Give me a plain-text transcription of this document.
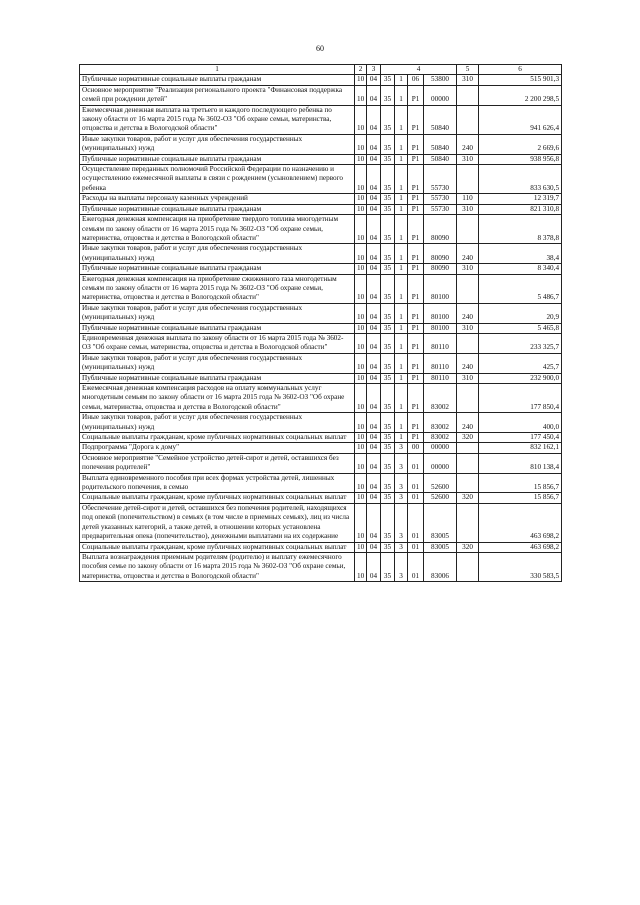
60
1	2	3	4				5	6
Публичные нормативные социальные выплаты гражданам	10	04	35	1	06	53800	310	515 901,3
Основное мероприятие "Реализация регионального проекта "Финансовая поддержка семей при рождении детей"	10	04	35	1	P1	00000		2 200 298,5
Ежемесячная денежная выплата на третьего и каждого последующего ребенка по закону области от 16 марта 2015 года № 3602-ОЗ "Об охране семьи, материнства, отцовства и детства в Вологодской области"	10	04	35	1	P1	50840		941 626,4
Иные закупки товаров, работ и услуг для обеспечения государственных (муниципальных) нужд	10	04	35	1	P1	50840	240	2 669,6
Публичные нормативные социальные выплаты гражданам	10	04	35	1	P1	50840	310	938 956,8
Осуществление переданных полномочий Российской Федерации по назначению и осуществлению ежемесячной выплаты в связи с рождением (усыновлением) первого ребенка	10	04	35	1	P1	55730		833 630,5
Расходы на выплаты персоналу казенных учреждений	10	04	35	1	P1	55730	110	12 319,7
Публичные нормативные социальные выплаты гражданам	10	04	35	1	P1	55730	310	821 310,8
Ежегодная денежная компенсация на приобретение твердого топлива многодетным семьям по закону области от 16 марта 2015 года № 3602-ОЗ "Об охране семьи, материнства, отцовства и детства в Вологодской области"	10	04	35	1	P1	80090		8 378,8
Иные закупки товаров, работ и услуг для обеспечения государственных (муниципальных) нужд	10	04	35	1	P1	80090	240	38,4
Публичные нормативные социальные выплаты гражданам	10	04	35	1	P1	80090	310	8 340,4
Ежегодная денежная компенсация на приобретение сжиженного газа многодетным семьям по закону области от 16 марта 2015 года № 3602-ОЗ "Об охране семьи, материнства, отцовства и детства в Вологодской области"	10	04	35	1	P1	80100		5 486,7
Иные закупки товаров, работ и услуг для обеспечения государственных (муниципальных) нужд	10	04	35	1	P1	80100	240	20,9
Публичные нормативные социальные выплаты гражданам	10	04	35	1	P1	80100	310	5 465,8
Единовременная денежная выплата по закону области от 16 марта 2015 года № 3602-ОЗ "Об охране семьи, материнства, отцовства и детства в Вологодской области"	10	04	35	1	P1	80110		233 325,7
Иные закупки товаров, работ и услуг для обеспечения государственных (муниципальных) нужд	10	04	35	1	P1	80110	240	425,7
Публичные нормативные социальные выплаты гражданам	10	04	35	1	P1	80110	310	232 900,0
Ежемесячная денежная компенсация расходов на оплату коммунальных услуг многодетным семьям по закону области от 16 марта 2015 года № 3602-ОЗ "Об охране семьи, материнства, отцовства и детства в Вологодской области"	10	04	35	1	P1	83002		177 850,4
Иные закупки товаров, работ и услуг для обеспечения государственных (муниципальных) нужд	10	04	35	1	P1	83002	240	400,0
Социальные выплаты гражданам, кроме публичных нормативных социальных выплат	10	04	35	1	P1	83002	320	177 450,4
Подпрограмма "Дорога к дому"	10	04	35	3	00	00000		832 162,1
Основное мероприятие "Семейное устройство детей-сирот и детей, оставшихся без попечения родителей"	10	04	35	3	01	00000		810 138,4
Выплата единовременного пособия при всех формах устройства детей, лишенных родительского попечения, в семью	10	04	35	3	01	52600		15 856,7
Социальные выплаты гражданам, кроме публичных нормативных социальных выплат	10	04	35	3	01	52600	320	15 856,7
Обеспечение детей-сирот и детей, оставшихся без попечения родителей, находящихся под опекой (попечительством) в семьях (в том числе в приемных семьях), лиц из числа детей указанных категорий, а также детей, в отношении которых установлена предварительная опека (попечительство), денежными выплатами на их содержание	10	04	35	3	01	83005		463 698,2
Социальные выплаты гражданам, кроме публичных нормативных социальных выплат	10	04	35	3	01	83005	320	463 698,2
Выплата вознаграждения приемным родителям (родителю) и выплату ежемесячного пособия семье по закону области от 16 марта 2015 года № 3602-ОЗ "Об охране семьи, материнства, отцовства и детства в Вологодской области"	10	04	35	3	01	83006		330 583,5
